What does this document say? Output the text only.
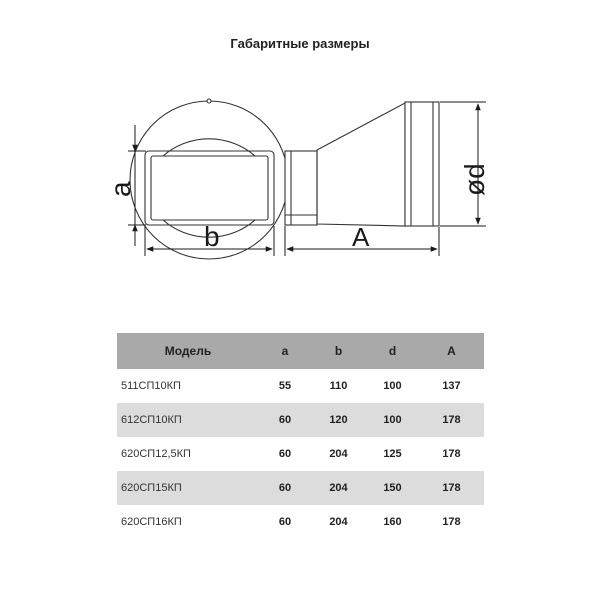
Габаритные размеры
a
b
ød
A
Модель	a	b	d	A
511СП10КП	55	110	100	137
612СП10КП	60	120	100	178
620СП12,5КП	60	204	125	178
620СП15КП	60	204	150	178
620СП16КП	60	204	160	178
